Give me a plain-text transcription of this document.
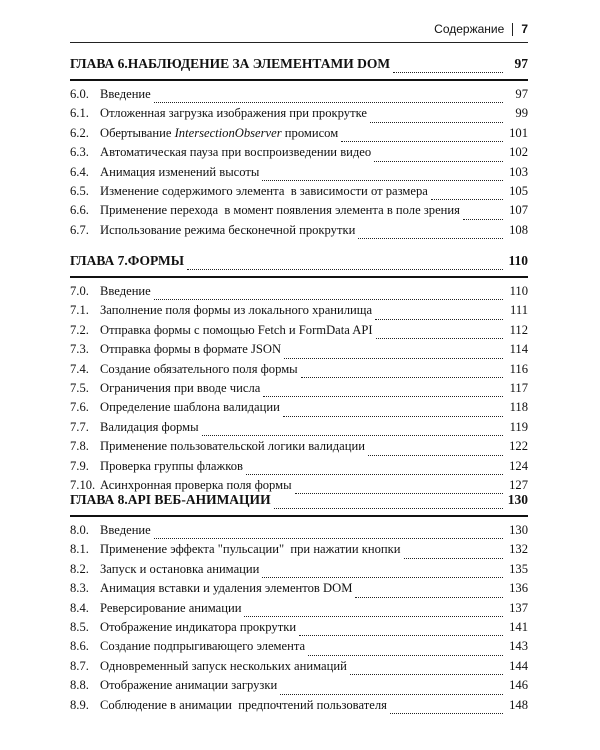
Содержание 7
ГЛАВА 6. НАБЛЮДЕНИЕ ЗА ЭЛЕМЕНТАМИ DOM	97
6.0. Введение	97
6.1. Отложенная загрузка изображения при прокрутке	99
6.2. Обертывание IntersectionObserver промисом	101
6.3. Автоматическая пауза при воспроизведении видео	102
6.4. Анимация изменений высоты	103
6.5. Изменение содержимого элемента  в зависимости от размера	105
6.6. Применение перехода  в момент появления элемента в поле зрения	107
6.7. Использование режима бесконечной прокрутки	108
ГЛАВА 7. ФОРМЫ	110
7.0. Введение	110
7.1. Заполнение поля формы из локального хранилища	111
7.2. Отправка формы с помощью Fetch и FormData API	112
7.3. Отправка формы в формате JSON	114
7.4. Создание обязательного поля формы	116
7.5. Ограничения при вводе числа	117
7.6. Определение шаблона валидации	118
7.7. Валидация формы	119
7.8. Применение пользовательской логики валидации	122
7.9. Проверка группы флажков	124
7.10. Асинхронная проверка поля формы	127
ГЛАВА 8. API ВЕБ-АНИМАЦИИ	130
8.0. Введение	130
8.1. Применение эффекта "пульсации"  при нажатии кнопки	132
8.2. Запуск и остановка анимации	135
8.3. Анимация вставки и удаления элементов DOM	136
8.4. Реверсирование анимации	137
8.5. Отображение индикатора прокрутки	141
8.6. Создание подпрыгивающего элемента	143
8.7. Одновременный запуск нескольких анимаций	144
8.8. Отображение анимации загрузки	146
8.9. Соблюдение в анимации  предпочтений пользователя	148
